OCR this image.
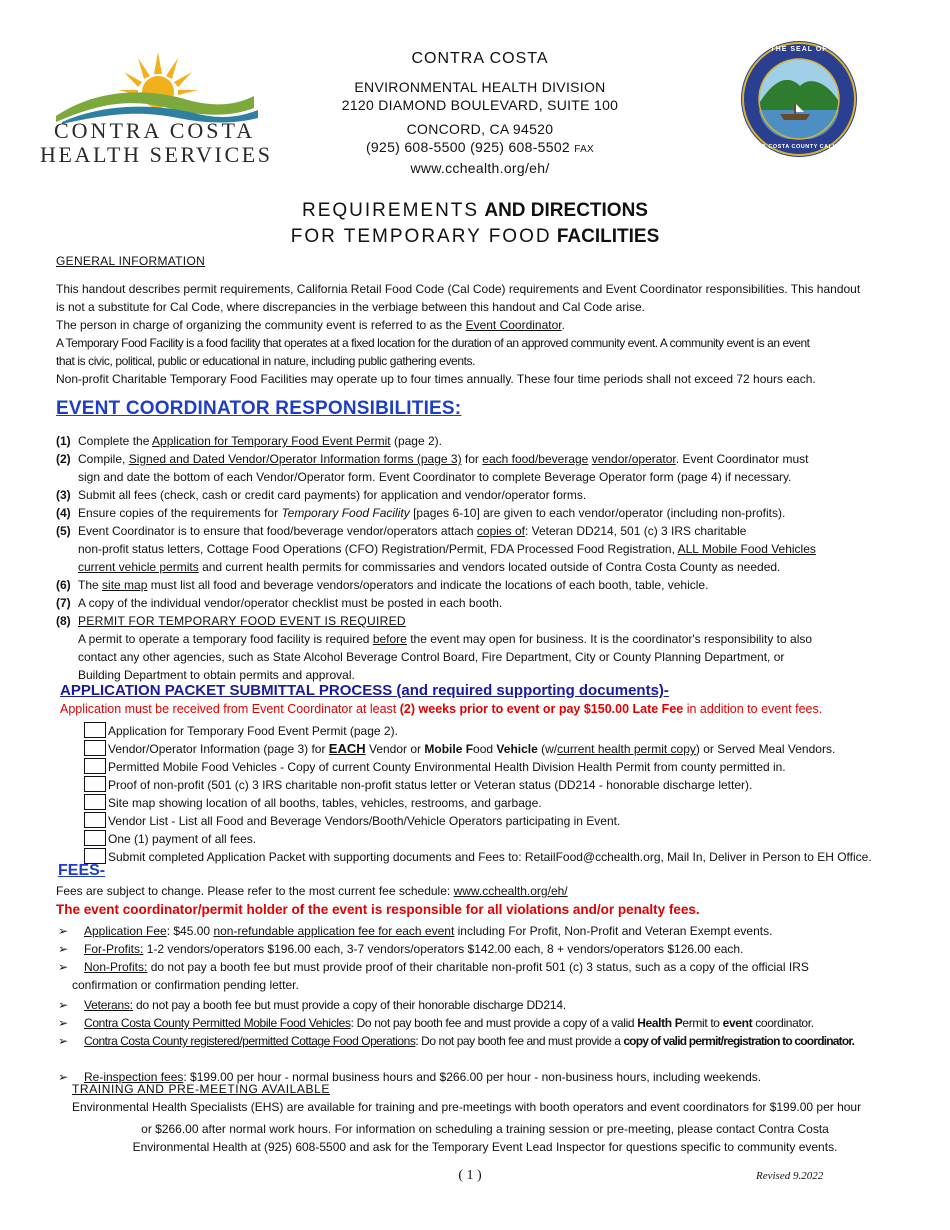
CONTRA COSTA
HEALTH SERVICES
CONTRA COSTA
ENVIRONMENTAL HEALTH DIVISION
2120 DIAMOND BOULEVARD, SUITE 100
CONCORD, CA 94520
(925) 608-5500 (925) 608-5502 FAX
www.cchealth.org/eh/
THE SEAL OF
CONTRA COSTA COUNTY CALIFORNIA
REQUIREMENTS AND DIRECTIONS
FOR TEMPORARY FOOD FACILITIES
GENERAL INFORMATION
This handout describes permit requirements, California Retail Food Code (Cal Code) requirements and Event Coordinator responsibilities. This handout
is not a substitute for Cal Code, where discrepancies in the verbiage between this handout and Cal Code arise.
The person in charge of organizing the community event is referred to as the Event Coordinator.
A Temporary Food Facility is a food facility that operates at a fixed location for the duration of an approved community event. A community event is an event
that is civic, political, public or educational in nature, including public gathering events.
Non-profit Charitable Temporary Food Facilities may operate up to four times annually. These four time periods shall not exceed 72 hours each.
EVENT COORDINATOR RESPONSIBILITIES:
(1) Complete the Application for Temporary Food Event Permit (page 2).
(2) Compile, Signed and Dated Vendor/Operator Information forms (page 3) for each food/beverage vendor/operator. Event Coordinator must
sign and date the bottom of each Vendor/Operator form. Event Coordinator to complete Beverage Operator form (page 4) if necessary.
(3) Submit all fees (check, cash or credit card payments) for application and vendor/operator forms.
(4) Ensure copies of the requirements for Temporary Food Facility [pages 6-10] are given to each vendor/operator (including non-profits).
(5) Event Coordinator is to ensure that food/beverage vendor/operators attach copies of: Veteran DD214, 501 (c) 3 IRS charitable
non-profit status letters, Cottage Food Operations (CFO) Registration/Permit, FDA Processed Food Registration, ALL Mobile Food Vehicles
current vehicle permits and current health permits for commissaries and vendors located outside of Contra Costa County as needed.
(6) The site map must list all food and beverage vendors/operators and indicate the locations of each booth, table, vehicle.
(7) A copy of the individual vendor/operator checklist must be posted in each booth.
(8) PERMIT FOR TEMPORARY FOOD EVENT IS REQUIRED
A permit to operate a temporary food facility is required before the event may open for business. It is the coordinator's responsibility to also
contact any other agencies, such as State Alcohol Beverage Control Board, Fire Department, City or County Planning Department, or
Building Department to obtain permits and approval.
APPLICATION PACKET SUBMITTAL PROCESS (and required supporting documents)-
Application must be received from Event Coordinator at least (2) weeks prior to event or pay $150.00 Late Fee in addition to event fees.
Application for Temporary Food Event Permit (page 2).
Vendor/Operator Information (page 3) for EACH Vendor or Mobile Food Vehicle (w/current health permit copy) or Served Meal Vendors.
Permitted Mobile Food Vehicles - Copy of current County Environmental Health Division Health Permit from county permitted in.
Proof of non-profit (501 (c) 3 IRS charitable non-profit status letter or Veteran status (DD214 - honorable discharge letter).
Site map showing location of all booths, tables, vehicles, restrooms, and garbage.
Vendor List - List all Food and Beverage Vendors/Booth/Vehicle Operators participating in Event.
One (1) payment of all fees.
Submit completed Application Packet with supporting documents and Fees to: RetailFood@cchealth.org, Mail In, Deliver in Person to EH Office.
FEES-
Fees are subject to change. Please refer to the most current fee schedule: www.cchealth.org/eh/
The event coordinator/permit holder of the event is responsible for all violations and/or penalty fees.
➢ Application Fee: $45.00 non-refundable application fee for each event including For Profit, Non-Profit and Veteran Exempt events.
➢ For-Profits: 1-2 vendors/operators $196.00 each, 3-7 vendors/operators $142.00 each, 8 + vendors/operators $126.00 each.
➢ Non-Profits: do not pay a booth fee but must provide proof of their charitable non-profit 501 (c) 3 status, such as a copy of the official IRS
confirmation or confirmation pending letter.
➢ Veterans: do not pay a booth fee but must provide a copy of their honorable discharge DD214.
➢ Contra Costa County Permitted Mobile Food Vehicles: Do not pay booth fee and must provide a copy of a valid Health Permit to event coordinator.
➢ Contra Costa County registered/permitted Cottage Food Operations: Do not pay booth fee and must provide a copy of valid permit/registration to coordinator.
➢ Re-inspection fees: $199.00 per hour - normal business hours and $266.00 per hour - non-business hours, including weekends.
TRAINING AND PRE-MEETING AVAILABLE
Environmental Health Specialists (EHS) are available for training and pre-meetings with booth operators and event coordinators for $199.00 per hour
or $266.00 after normal work hours. For information on scheduling a training session or pre-meeting, please contact Contra Costa
Environmental Health at (925) 608-5500 and ask for the Temporary Event Lead Inspector for questions specific to community events.
( 1 )	Revised 9.2022
